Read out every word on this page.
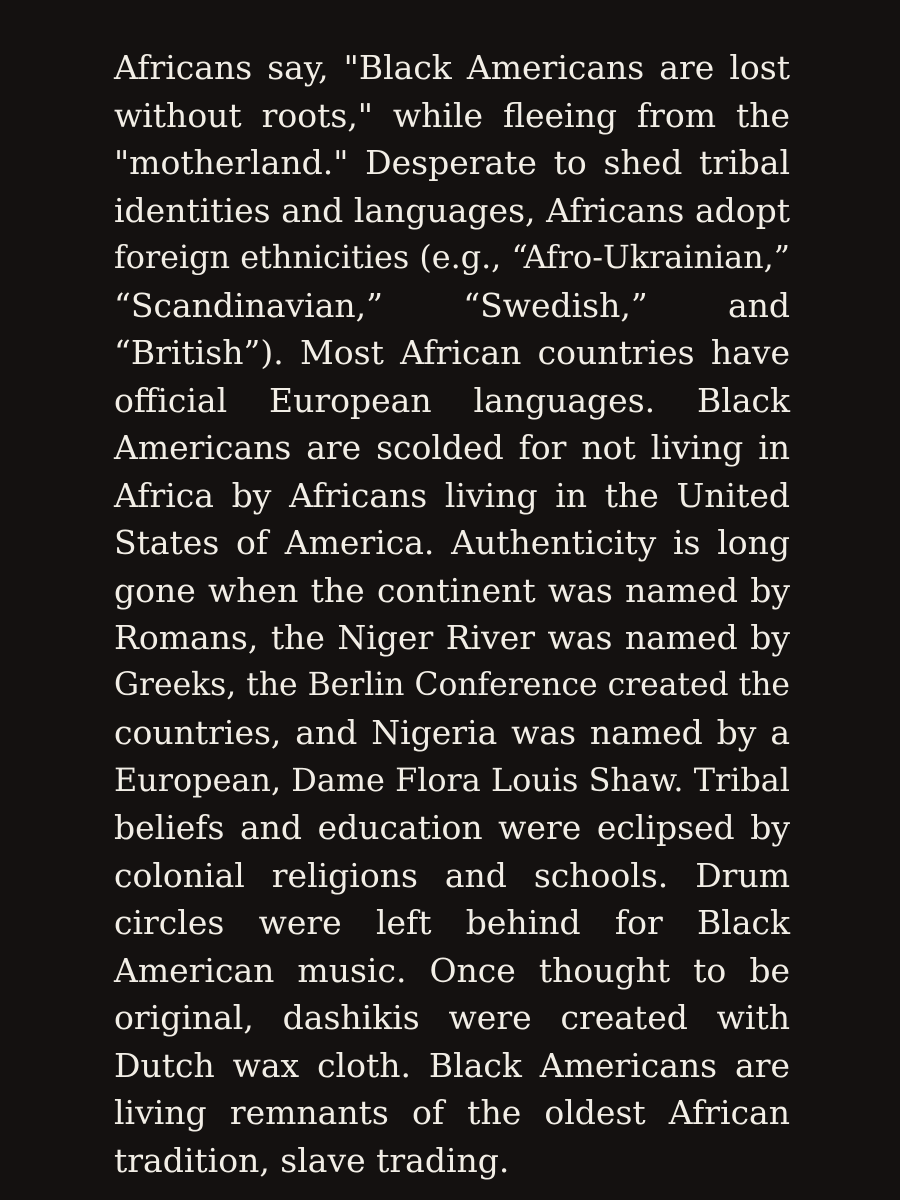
Africans say, "Black Americans are lost
without roots," while fleeing from the
"motherland." Desperate to shed tribal
identities and languages, Africans adopt
foreign ethnicities (e.g., “Afro-Ukrainian,”
“Scandinavian,” “Swedish,” and
“British”). Most African countries have
official European languages. Black
Americans are scolded for not living in
Africa by Africans living in the United
States of America. Authenticity is long
gone when the continent was named by
Romans, the Niger River was named by
Greeks, the Berlin Conference created the
countries, and Nigeria was named by a
European, Dame Flora Louis Shaw. Tribal
beliefs and education were eclipsed by
colonial religions and schools. Drum
circles were left behind for Black
American music. Once thought to be
original, dashikis were created with
Dutch wax cloth. Black Americans are
living remnants of the oldest African
tradition, slave trading.
